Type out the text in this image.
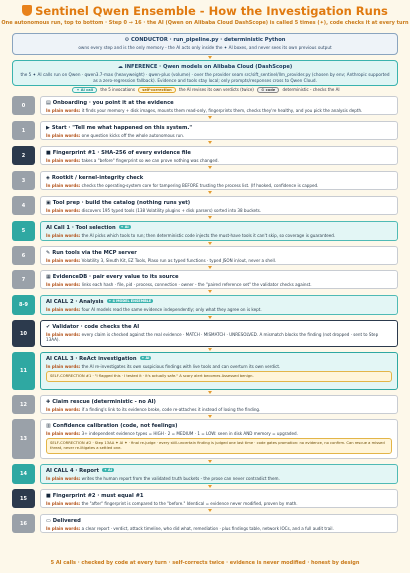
Sentinel Qwen Ensemble - How the Investigation Runs
One autonomous run, top to bottom · Step 0 → 16 · the AI (Qwen on Alibaba Cloud DashScope) is called 5 times (✦), code checks it at every turn
⚙ CONDUCTOR · run_pipeline.py · deterministic Python
owns every step and is the only memory - the AI acts only inside the ✦ AI boxes, and never sees its own previous output
☁ INFERENCE · Qwen models on Alibaba Cloud (DashScope)
the 5 ✦ AI calls run on Qwen · qwen3.7-max (heavyweight) · qwen-plus (volume) · over the provider seam src/sift_sentinel/llm_provider.py (chosen by env; Anthropic supported as a zero-regression fallback). Evidence and tools stay local; only prompts/responses cross to Qwen Cloud.
✦ AI call the 5 invocations self-correction the AI revises its own verdicts (twice) ⚙ code deterministic - checks the AI
0	▤ Onboarding · you point it at the evidence
In plain words: it finds your memory + disk images, mounts them read-only, fingerprints them, checks they're healthy, and you pick the analysis depth.
1	▶ Start · "Tell me what happened on this system."
In plain words: one question kicks off the whole autonomous run.
2	■ Fingerprint #1 · SHA-256 of every evidence file
In plain words: takes a "before" fingerprint so we can prove nothing was changed.
3	◈ Rootkit / kernel-integrity check
In plain words: checks the operating-system core for tampering BEFORE trusting the process list. (If hooked, confidence is capped.
4	▣ Tool prep · build the catalog (nothing runs yet)
In plain words: discovers 195 typed tools (138 Volatility plugins + disk parsers) sorted into 38 buckets.
5	AI Call 1 · Tool selection ✦ AI
In plain words: the AI picks which tools to run; then deterministic code injects the must-have tools it can't skip, so coverage is guaranteed.
6	✎ Run tools via the MCP server
In plain words: Volatility 3, Sleuth Kit, EZ Tools, Plaso run as typed functions · typed JSON in/out, never a shell.
7	▦ EvidenceDB · pair every value to its source
In plain words: links each hash · file, pid · process, connection · owner - the "paired reference set" the validator checks against.
8-9	AI CALL 2 · Analysis ✦ 4 MODEL ENSEMBLE
In plain words: four AI models read the same evidence independently; only what they agree on is kept.
10
✔ Validator · code checks the AI
In plain words: every claim is checked against the real evidence · MATCH · MISMATCH · UNRESOLVED. A mismatch blocks the finding (not dropped · sent to Step 13AA).
11
AI CALL 3 · ReAct investigation ✦ AI
In plain words: the AI re-investigates its own suspicious findings with live tools and can overturn its own verdict.
SELF-CORRECTION #1 · "I flagged this · I tested it · it's actually safe." A scary alert becomes Assessed benign.
12	✚ Claim rescue (deterministic - no AI)
In plain words: if a finding's link to its evidence broke, code re-attaches it instead of losing the finding.
13
▥ Confidence calibration (code, not feelings)
In plain words: 3+ independent evidence types = HIGH · 2 = MEDIUM · 1 = LOW: seen in disk AND memory = upgraded.
SELF-CORRECTION #2 · Step 13AA ✦ AI ✦ · final re-judge · every still-uncertain finding is judged one last time · code gates promotion: no evidence, no confirm. Can rescue a missed threat, never re-litigates a settled one.
14	AI CALL 4 · Report ✦ AI
In plain words: writes the human report from the validated truth buckets - the prose can never contradict them.
15	■ Fingerprint #2 · must equal #1
In plain words: the "after" fingerprint is compared to the "before." Identical = evidence never modified, proven by math.
16	▭ Delivered
In plain words: a clear report · verdict, attack timeline, who did what, remediation · plus findings table, network IOCs, and a full audit trail.
5 AI calls · checked by code at every turn · self-corrects twice · evidence is never modified · honest by design
